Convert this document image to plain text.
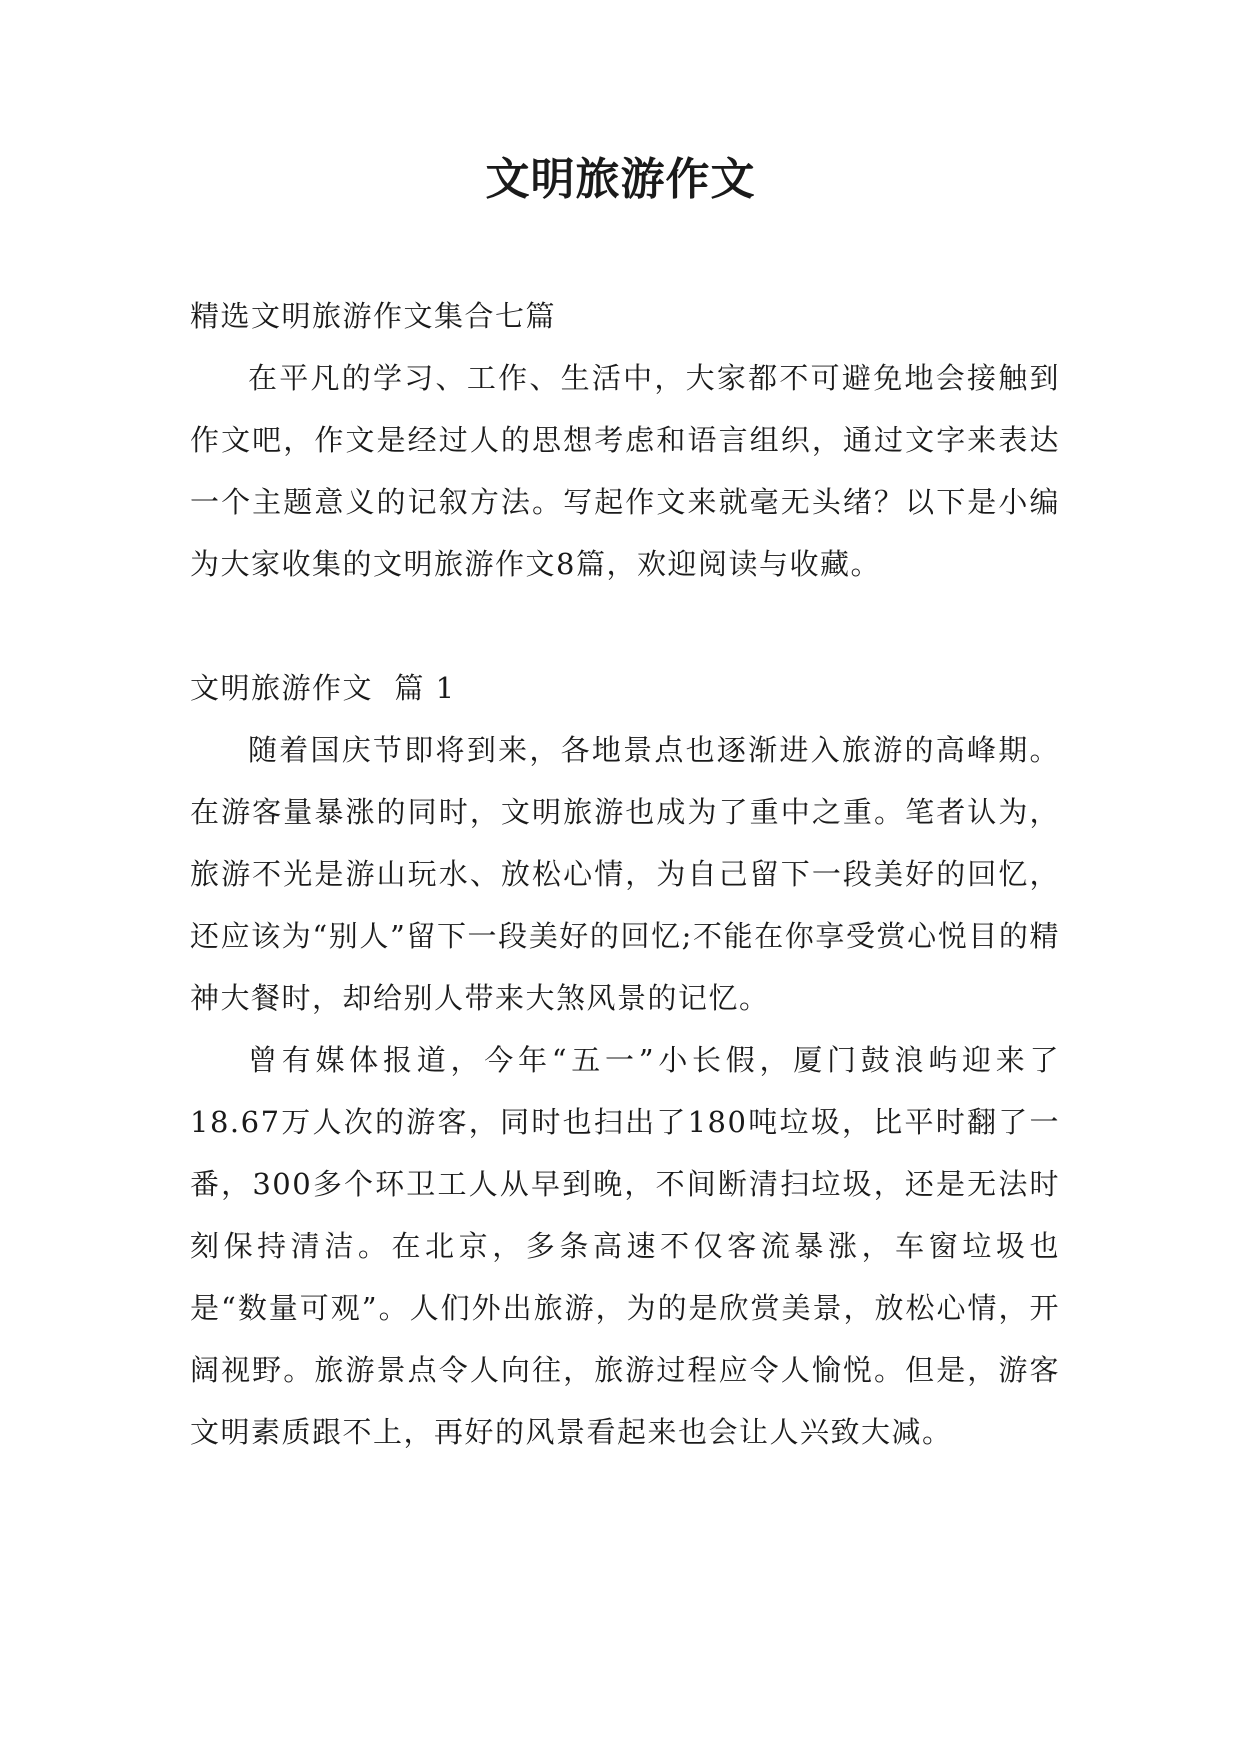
文明旅游作文

精选文明旅游作文集合七篇

在平凡的学习、工作、生活中，大家都不可避免地会接触到作文吧，作文是经过人的思想考虑和语言组织，通过文字来表达一个主题意义的记叙方法。写起作文来就毫无头绪？以下是小编为大家收集的文明旅游作文8篇，欢迎阅读与收藏。

文明旅游作文  篇 1

随着国庆节即将到来，各地景点也逐渐进入旅游的高峰期。在游客量暴涨的同时，文明旅游也成为了重中之重。笔者认为，旅游不光是游山玩水、放松心情，为自己留下一段美好的回忆，还应该为“别人”留下一段美好的回忆;不能在你享受赏心悦目的精神大餐时，却给别人带来大煞风景的记忆。

曾有媒体报道，今年“五一”小长假，厦门鼓浪屿迎来了18.67万人次的游客，同时也扫出了180吨垃圾，比平时翻了一番，300多个环卫工人从早到晚，不间断清扫垃圾，还是无法时刻保持清洁。在北京，多条高速不仅客流暴涨，车窗垃圾也是“数量可观”。人们外出旅游，为的是欣赏美景，放松心情，开阔视野。旅游景点令人向往，旅游过程应令人愉悦。但是，游客文明素质跟不上，再好的风景看起来也会让人兴致大减。
